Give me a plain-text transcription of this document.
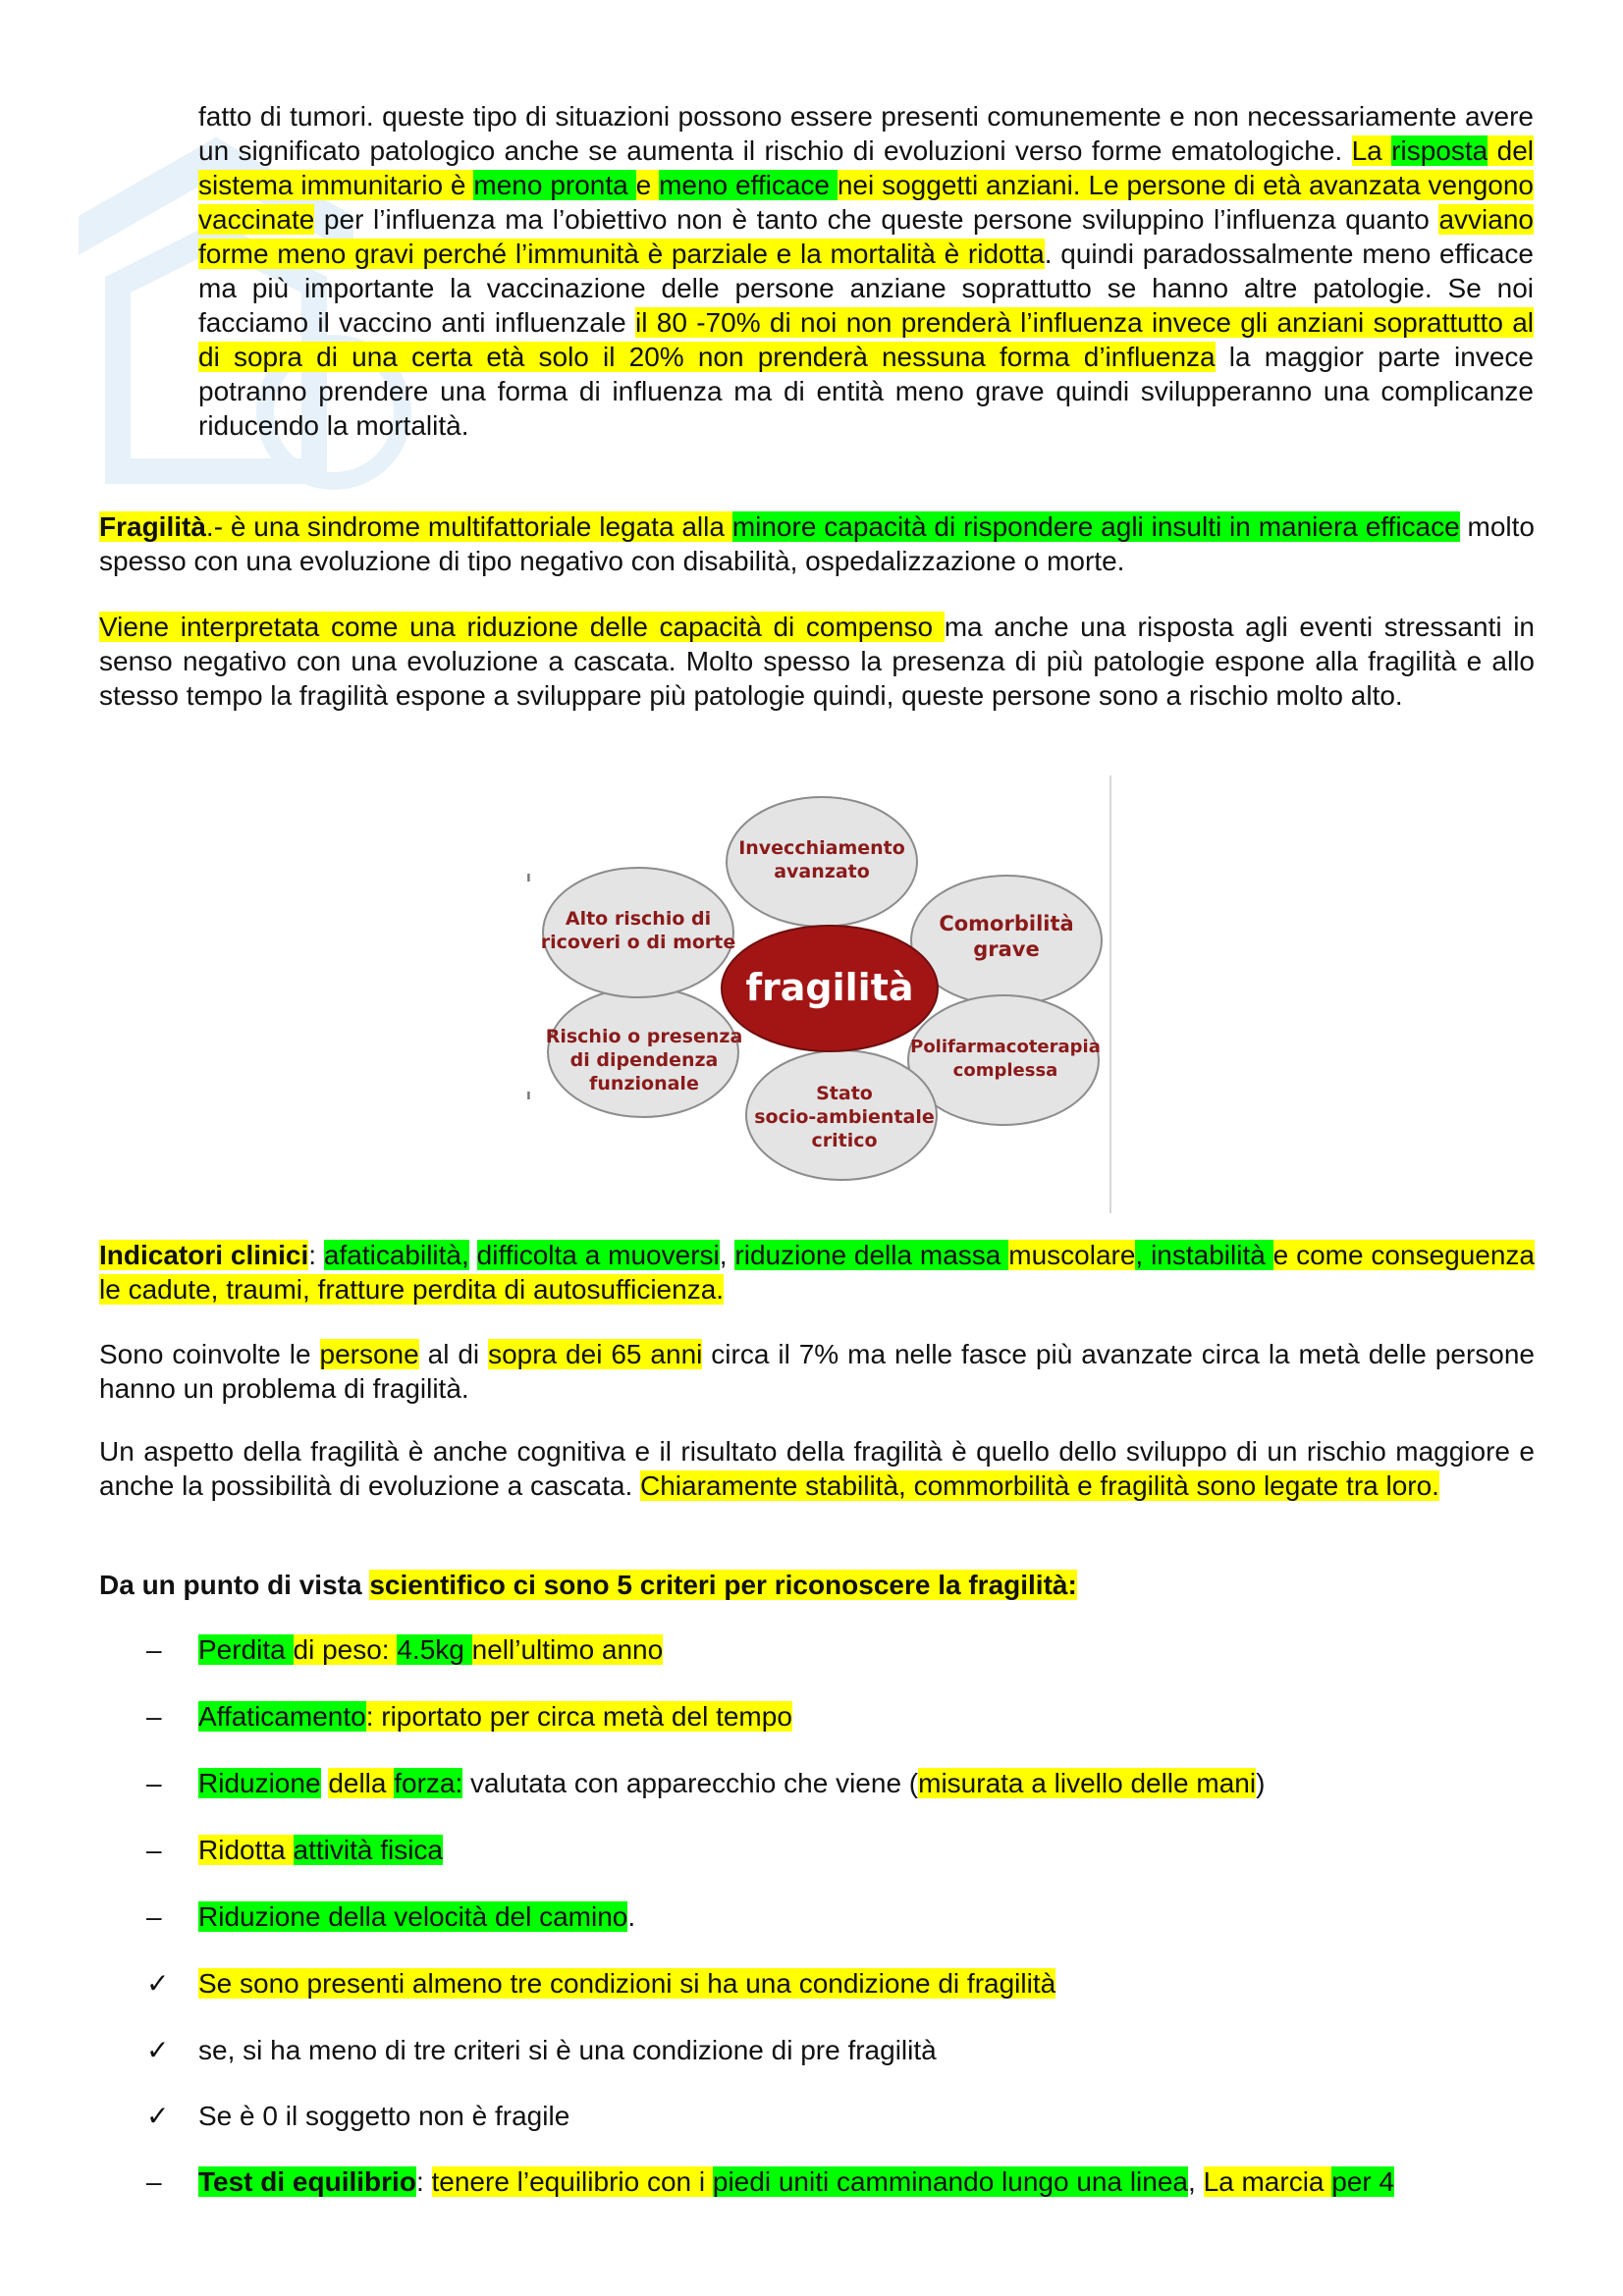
fatto di tumori. queste tipo di situazioni possono essere presenti comunemente e non necessariamente avere un significato patologico anche se aumenta il rischio di evoluzioni verso forme ematologiche. La risposta del sistema immunitario è meno pronta e meno efficace nei soggetti anziani. Le persone di età avanzata vengono vaccinate per l’influenza ma l’obiettivo non è tanto che queste persone sviluppino l’influenza quanto avviano forme meno gravi perché l’immunità è parziale e la mortalità è ridotta. quindi paradossalmente meno efficace ma più importante la vaccinazione delle persone anziane soprattutto se hanno altre patologie. Se noi facciamo il vaccino anti influenzale il 80 -70% di noi non prenderà l’influenza invece gli anziani soprattutto al di sopra di una certa età solo il 20% non prenderà nessuna forma d’influenza la maggior parte invece potranno prendere una forma di influenza ma di entità meno grave quindi svilupperanno una complicanze riducendo la mortalità.

Fragilità.- è una sindrome multifattoriale legata alla minore capacità di rispondere agli insulti in maniera efficace molto spesso con una evoluzione di tipo negativo con disabilità, ospedalizzazione o morte.

Viene interpretata come una riduzione delle capacità di compenso ma anche una risposta agli eventi stressanti in senso negativo con una evoluzione a cascata. Molto spesso la presenza di più patologie espone alla fragilità e allo stesso tempo la fragilità espone a sviluppare più patologie quindi, queste persone sono a rischio molto alto.

fragilità
Invecchiamento avanzato
Comorbilità grave
Polifarmacoterapia complessa
Stato socio-ambientale critico
Rischio o presenza di dipendenza funzionale
Alto rischio di ricoveri o di morte
ı
ı

Indicatori clinici: afaticabilità, difficolta a muoversi, riduzione della massa muscolare, instabilità e come conseguenza le cadute, traumi, fratture perdita di autosufficienza.

Sono coinvolte le persone al di sopra dei 65 anni circa il 7% ma nelle fasce più avanzate circa la metà delle persone hanno un problema di fragilità.

Un aspetto della fragilità è anche cognitiva e il risultato della fragilità è quello dello sviluppo di un rischio maggiore e anche la possibilità di evoluzione a cascata. Chiaramente stabilità, commorbilità e fragilità sono legate tra loro.

Da un punto di vista scientifico ci sono 5 criteri per riconoscere la fragilità:

–	Perdita di peso: 4.5kg nell’ultimo anno
–	Affaticamento: riportato per circa metà del tempo
–	Riduzione della forza: valutata con apparecchio che viene (misurata a livello delle mani)
–	Ridotta attività fisica
–	Riduzione della velocità del camino.
✓ Se sono presenti almeno tre condizioni si ha una condizione di fragilità
✓ se, si ha meno di tre criteri si è una condizione di pre fragilità
✓ Se è 0 il soggetto non è fragile
–	Test di equilibrio: tenere l’equilibrio con i piedi uniti camminando lungo una linea, La marcia per 4
